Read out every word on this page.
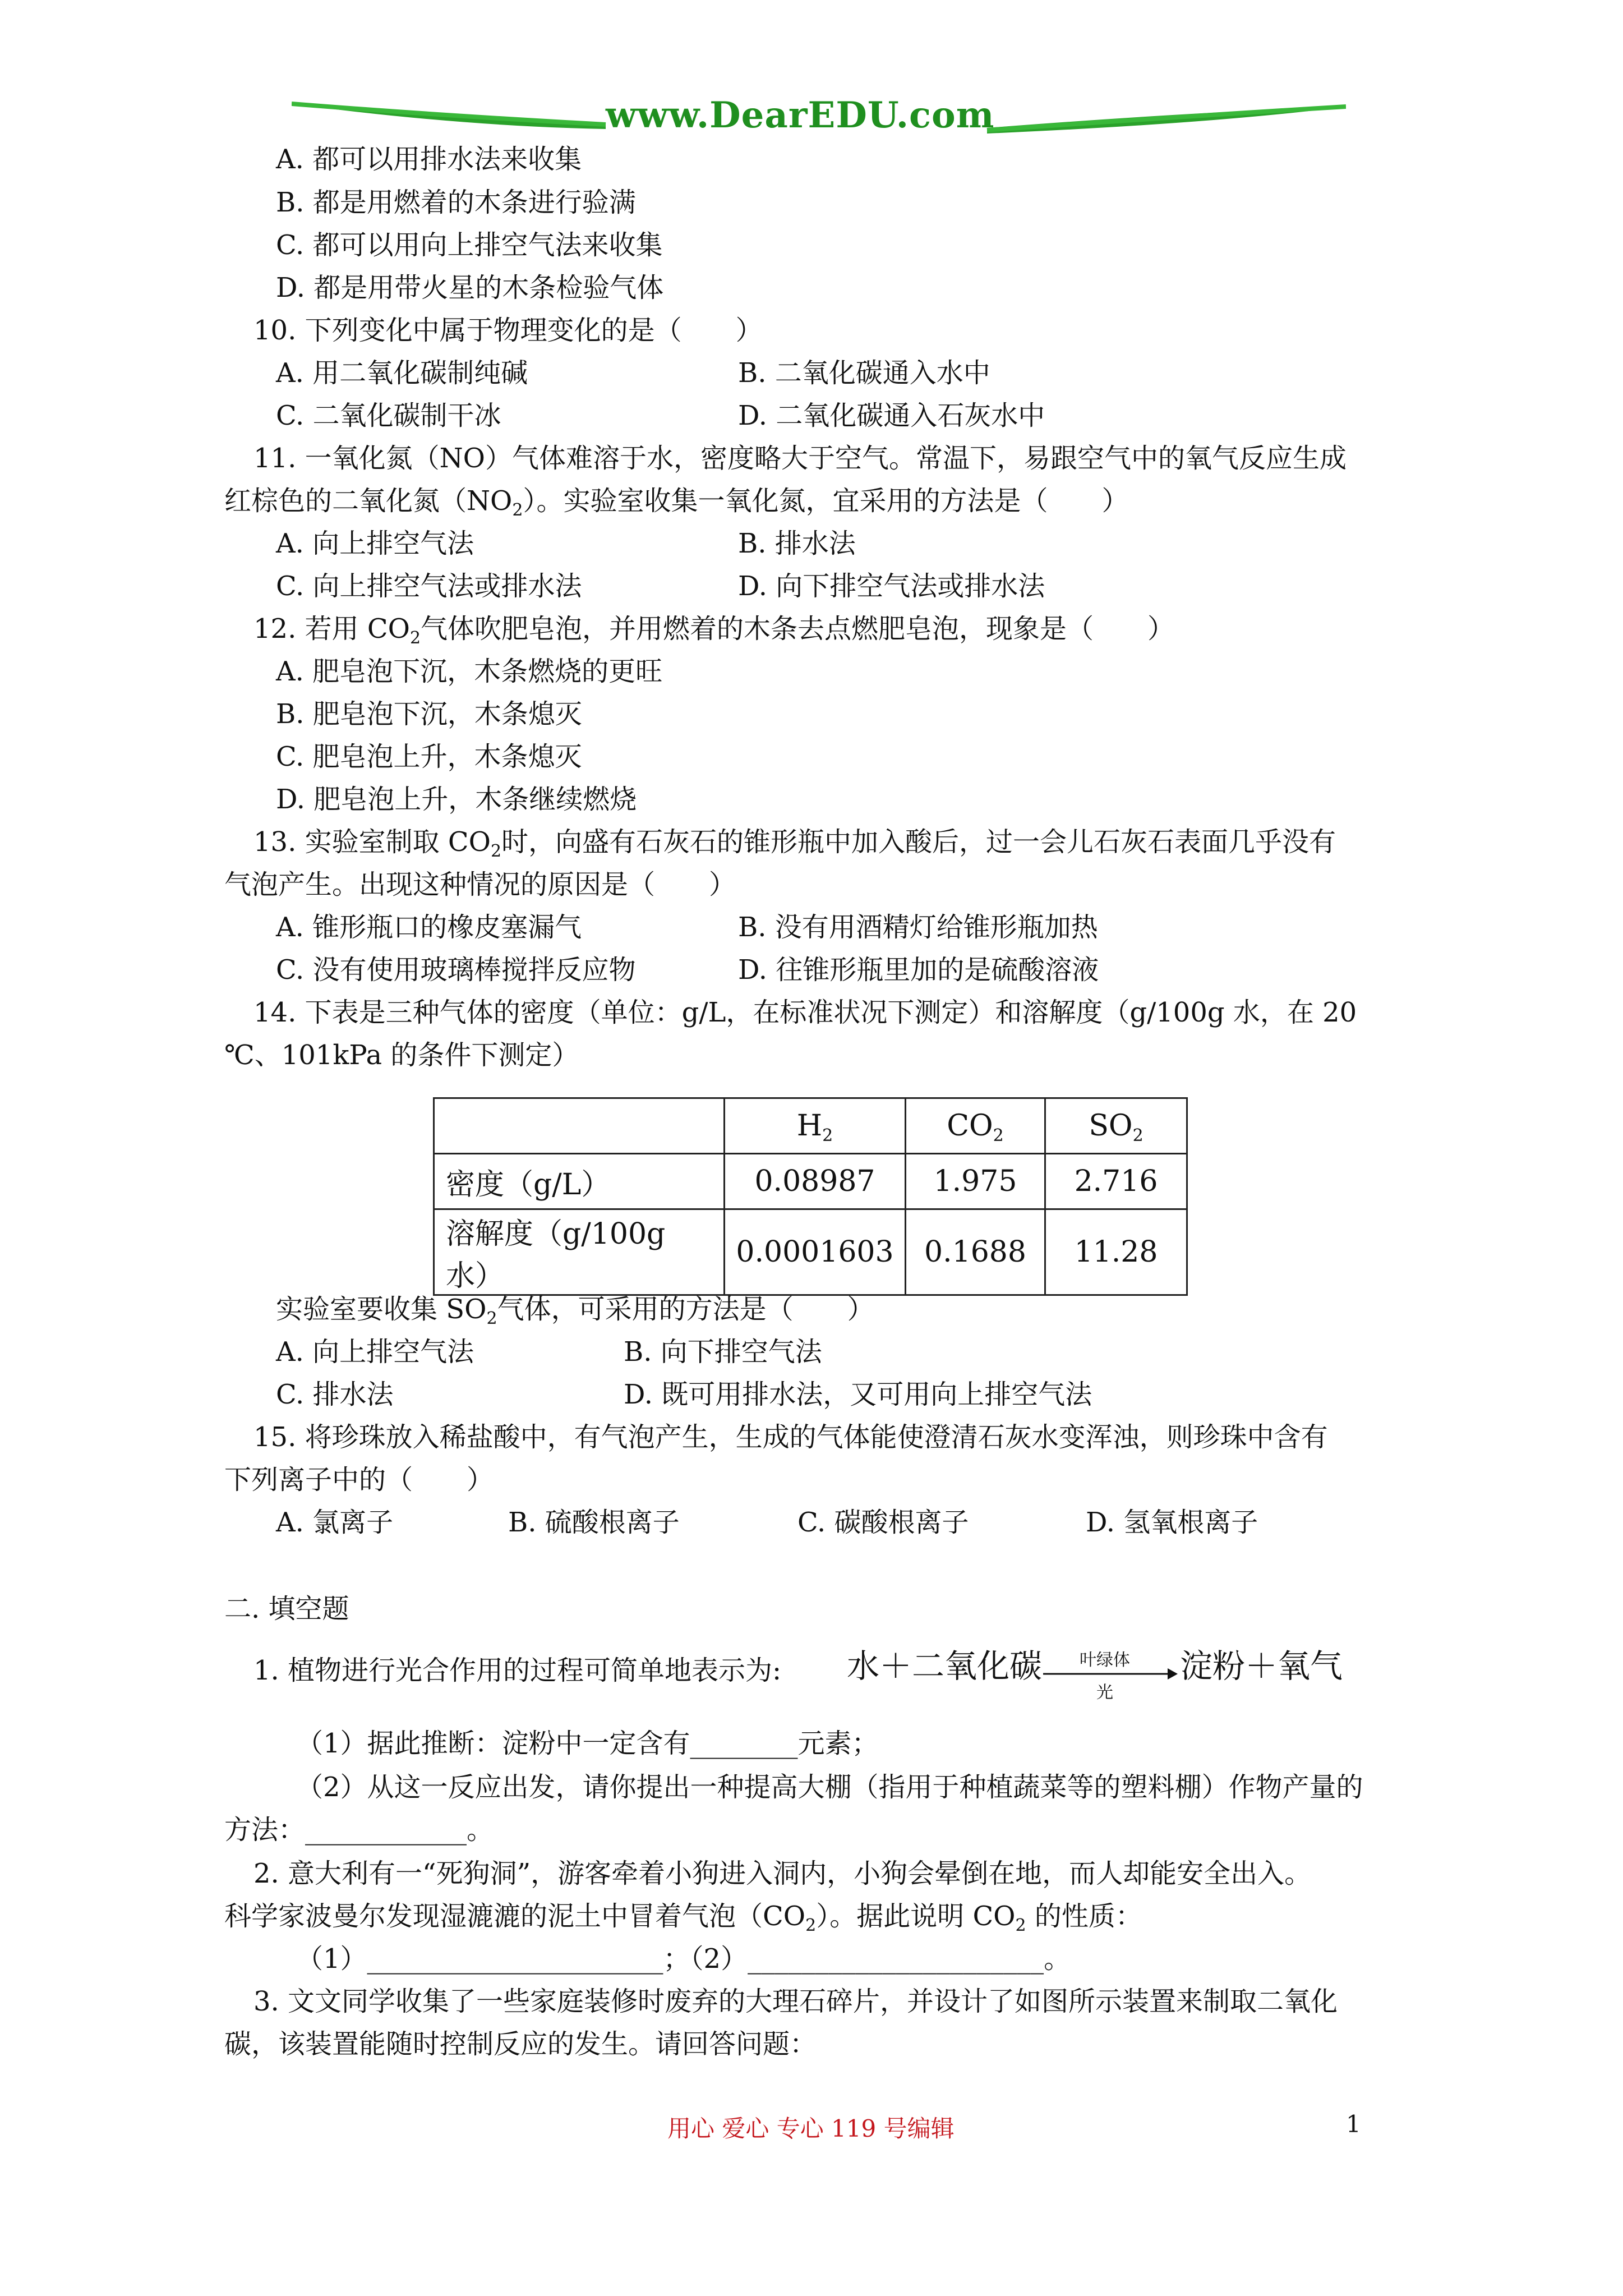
www.DearEDU.com
A. 都可以用排水法来收集
B. 都是用燃着的木条进行验满
C. 都可以用向上排空气法来收集
D. 都是用带火星的木条检验气体
10. 下列变化中属于物理变化的是（　　）
A. 用二氧化碳制纯碱	B. 二氧化碳通入水中
C. 二氧化碳制干冰	D. 二氧化碳通入石灰水中
11. 一氧化氮（NO）气体难溶于水，密度略大于空气。常温下，易跟空气中的氧气反应生成
红棕色的二氧化氮$(NO_2)$。实验室收集一氧化氮，宜采用的方法是（　　）
A. 向上排空气法	B. 排水法
C. 向上排空气法或排水法	D. 向下排空气法或排水法
12. 若用 $CO_2$气体吹肥皂泡，并用燃着的木条去点燃肥皂泡，现象是（　　）
A. 肥皂泡下沉，木条燃烧的更旺
B. 肥皂泡下沉，木条熄灭
C. 肥皂泡上升，木条熄灭
D. 肥皂泡上升，木条继续燃烧
13. 实验室制取 $CO_2$时，向盛有石灰石的锥形瓶中加入酸后，过一会儿石灰石表面几乎没有
气泡产生。出现这种情况的原因是（　　）
A. 锥形瓶口的橡皮塞漏气	B. 没有用酒精灯给锥形瓶加热
C. 没有使用玻璃棒搅拌反应物	D. 往锥形瓶里加的是硫酸溶液
14. 下表是三种气体的密度（单位：g/L，在标准状况下测定）和溶解度（g/100g 水，在 20
℃、101kPa 的条件下测定）
	$H_2$	$CO_2$	$SO_2$
密度（g/L）	0.08987	1.975	2.716
溶解度（g/100g 水）	0.0001603	0.1688	11.28
实验室要收集 $SO_2$气体，可采用的方法是（　　）
A. 向上排空气法	B. 向下排空气法
C. 排水法	D. 既可用排水法，又可用向上排空气法
15. 将珍珠放入稀盐酸中，有气泡产生，生成的气体能使澄清石灰水变浑浊，则珍珠中含有
下列离子中的（　　）
A. 氯离子	B. 硫酸根离子	C. 碳酸根离子	D. 氢氧根离子
二. 填空题
1. 植物进行光合作用的过程可简单地表示为: 水＋二氧化碳	叶绿体
光
淀粉＋氧气
（1）据此推断：淀粉中一定含有________元素；
（2）从这一反应出发，请你提出一种提高大棚（指用于种植蔬菜等的塑料棚）作物产量的
方法：____________。
2. 意大利有一“死狗洞”，游客牵着小狗进入洞内，小狗会晕倒在地，而人却能安全出入。
科学家波曼尔发现湿漉漉的泥土中冒着气泡$(CO_2)$。据此说明 $CO_2$ 的性质：
（1）______________________；（2）______________________。
3. 文文同学收集了一些家庭装修时废弃的大理石碎片，并设计了如图所示装置来制取二氧化
碳，该装置能随时控制反应的发生。请回答问题：
用心 爱心 专心 119 号编辑	1
